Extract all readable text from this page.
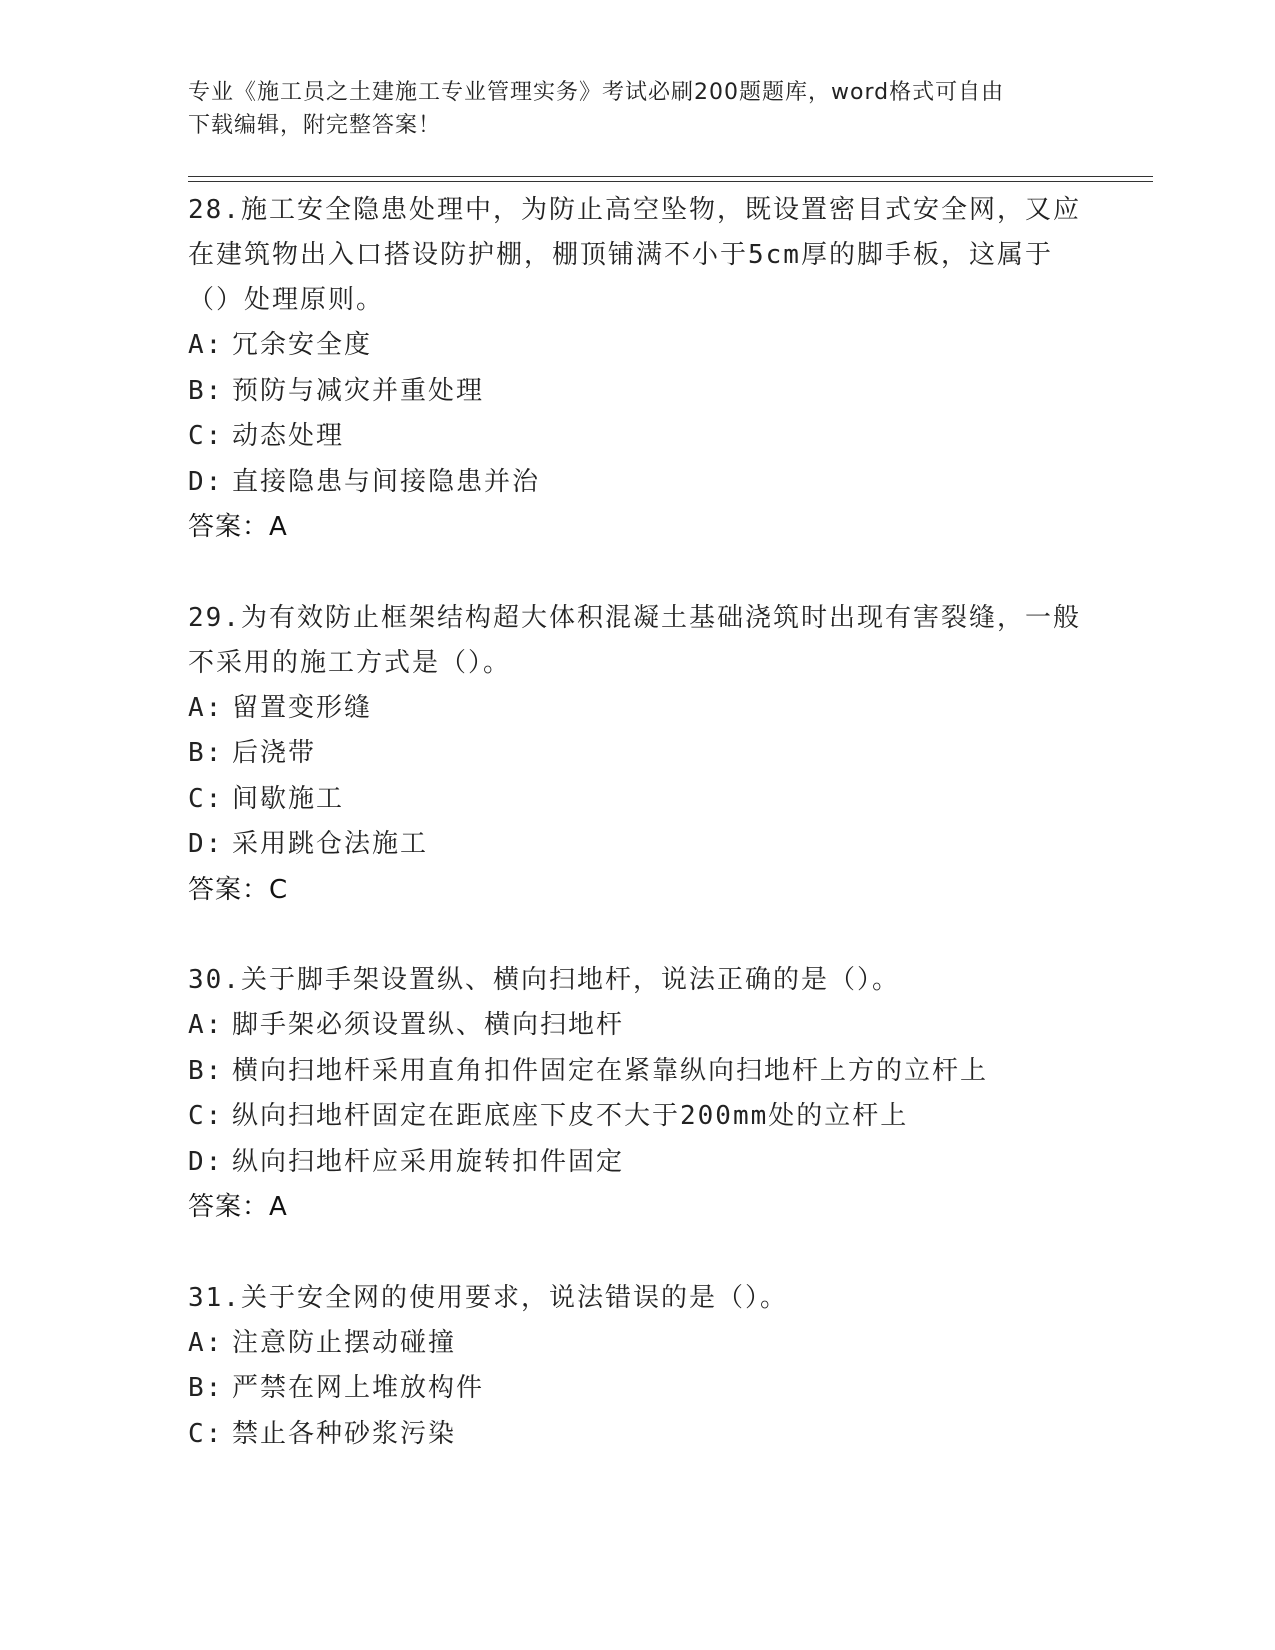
专业《施工员之土建施工专业管理实务》考试必刷200题题库，word格式可自由
下载编辑，附完整答案！

28.施工安全隐患处理中，为防止高空坠物，既设置密目式安全网，又应在建筑物出入口搭设防护棚，棚顶铺满不小于5cm厚的脚手板，这属于（）处理原则。

A: 冗余安全度
B: 预防与减灾并重处理
C: 动态处理
D: 直接隐患与间接隐患并治
答案：A

29.为有效防止框架结构超大体积混凝土基础浇筑时出现有害裂缝，一般不采用的施工方式是（）。

A: 留置变形缝
B: 后浇带
C: 间歇施工
D: 采用跳仓法施工
答案：C

30.关于脚手架设置纵、横向扫地杆，说法正确的是（）。

A: 脚手架必须设置纵、横向扫地杆
B: 横向扫地杆采用直角扣件固定在紧靠纵向扫地杆上方的立杆上
C: 纵向扫地杆固定在距底座下皮不大于200mm处的立杆上
D: 纵向扫地杆应采用旋转扣件固定
答案：A

31.关于安全网的使用要求，说法错误的是（）。

A: 注意防止摆动碰撞
B: 严禁在网上堆放构件
C: 禁止各种砂浆污染
